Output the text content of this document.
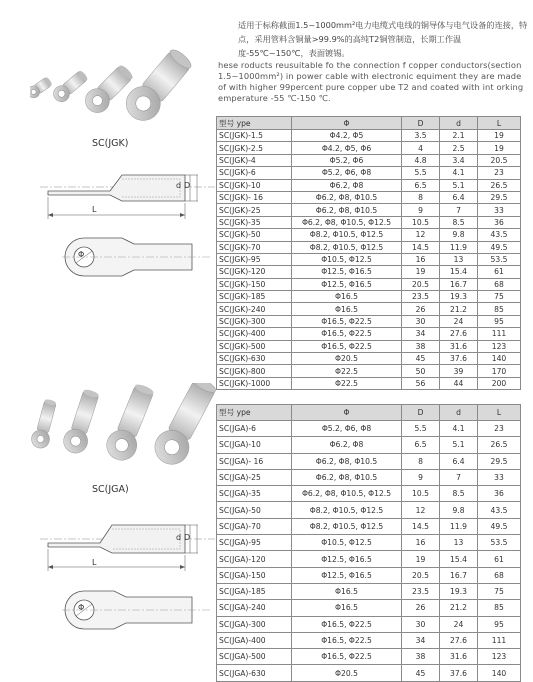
适用于标称截面1.5~1000mm²电力电缆式电线的铜导体与电气设备的连接，特点，采用管料含铜量>99.9%的高纯T2铜管制造，长期工作温度-55℃~150℃，表面镀锡。
hese roducts reusuitable fo the connection f copper conductors(section 1.5~1000mm²) in power cable with electronic equiment they are made of with higher 99percent pure copper ube T2 and coated with int orking emperature -55 ℃-150 ℃.
SC(JGK)
d D
L
Φ
SC(JGA)
d D
L
Φ
型号 ype	Φ	D	d	L
SC(JGK)-1.5	Φ4.2, Φ5	3.5	2.1	19
SC(JGK)-2.5	Φ4.2, Φ5, Φ6	4	2.5	19
SC(JGK)-4	Φ5.2, Φ6	4.8	3.4	20.5
SC(JGK)-6	Φ5.2, Φ6, Φ8	5.5	4.1	23
SC(JGK)-10	Φ6.2, Φ8	6.5	5.1	26.5
SC(JGK)- 16	Φ6.2, Φ8, Φ10.5	8	6.4	29.5
SC(JGK)-25	Φ6.2, Φ8, Φ10.5	9	7	33
SC(JGK)-35	Φ6.2, Φ8, Φ10.5, Φ12.5	10.5	8.5	36
SC(JGK)-50	Φ8.2, Φ10.5, Φ12.5	12	9.8	43.5
SC(JGK)-70	Φ8.2, Φ10.5, Φ12.5	14.5	11.9	49.5
SC(JGK)-95	Φ10.5, Φ12.5	16	13	53.5
SC(JGK)-120	Φ12.5, Φ16.5	19	15.4	61
SC(JGK)-150	Φ12.5, Φ16.5	20.5	16.7	68
SC(JGK)-185	Φ16.5	23.5	19.3	75
SC(JGK)-240	Φ16.5	26	21.2	85
SC(JGK)-300	Φ16.5, Φ22.5	30	24	95
SC(JGK)-400	Φ16.5, Φ22.5	34	27.6	111
SC(JGK)-500	Φ16.5, Φ22.5	38	31.6	123
SC(JGK)-630	Φ20.5	45	37.6	140
SC(JGK)-800	Φ22.5	50	39	170
SC(JGK)-1000	Φ22.5	56	44	200
型号 ype	Φ	D	d	L
SC(JGA)-6	Φ5.2, Φ6, Φ8	5.5	4.1	23
SC(JGA)-10	Φ6.2, Φ8	6.5	5.1	26.5
SC(JGA)- 16	Φ6.2, Φ8, Φ10.5	8	6.4	29.5
SC(JGA)-25	Φ6.2, Φ8, Φ10.5	9	7	33
SC(JGA)-35	Φ6.2, Φ8, Φ10.5, Φ12.5	10.5	8.5	36
SC(JGA)-50	Φ8.2, Φ10.5, Φ12.5	12	9.8	43.5
SC(JGA)-70	Φ8.2, Φ10.5, Φ12.5	14.5	11.9	49.5
SC(JGA)-95	Φ10.5, Φ12.5	16	13	53.5
SC(JGA)-120	Φ12.5, Φ16.5	19	15.4	61
SC(JGA)-150	Φ12.5, Φ16.5	20.5	16.7	68
SC(JGA)-185	Φ16.5	23.5	19.3	75
SC(JGA)-240	Φ16.5	26	21.2	85
SC(JGA)-300	Φ16.5, Φ22.5	30	24	95
SC(JGA)-400	Φ16.5, Φ22.5	34	27.6	111
SC(JGA)-500	Φ16.5, Φ22.5	38	31.6	123
SC(JGA)-630	Φ20.5	45	37.6	140
